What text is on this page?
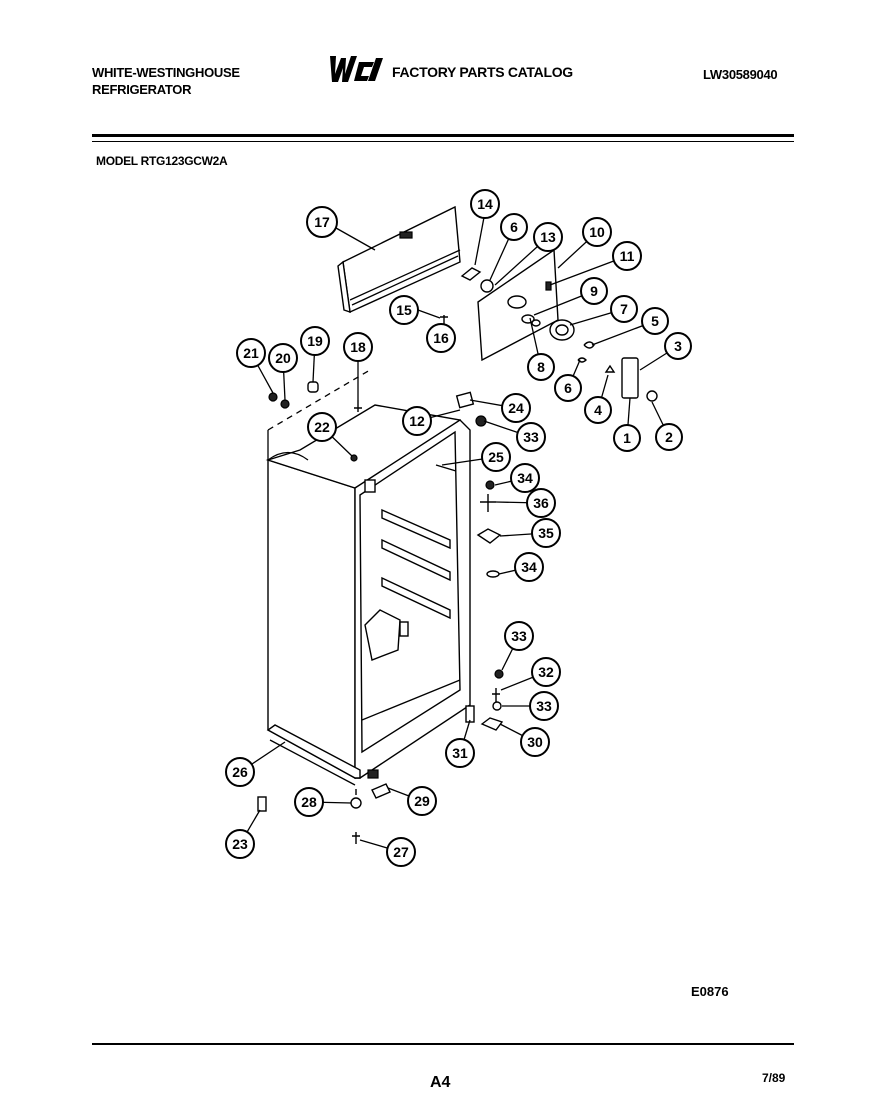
WHITE-WESTINGHOUSE
REFRIGERATOR
FACTORY PARTS CATALOG	LW30589040
MODEL RTG123GCW2A
17
14
6
13 10
11
9
7
5
3
15
16
8
6
4
1 2
21 20
19 18
22	12
24
33
25
34
36
35
34
33
32
33
30
31
26
29
28
23	27
E0876
A4	7/89
